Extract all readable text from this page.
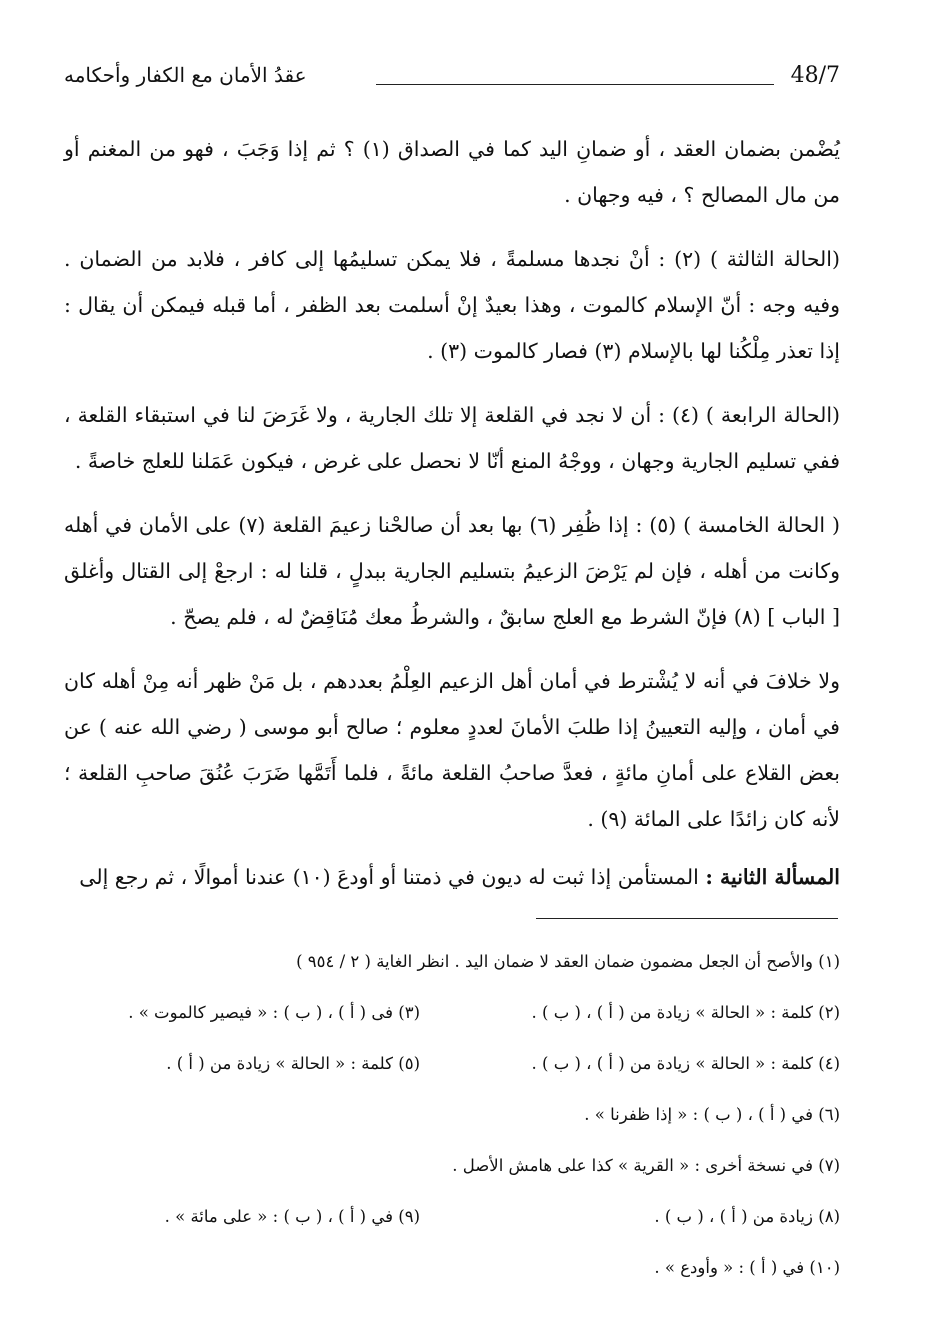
48/7
عقدُ الأمان مع الكفار وأحكامه

يُضْمن بضمان العقد ، أو ضمانِ اليد كما في الصداق (١) ؟ ثم إذا وَجَبَ ، فهو من المغنم أو من مال المصالح ؟ ، فيه وجهان .

(الحالة الثالثة ) (٢) : أنْ نجدها مسلمةً ، فلا يمكن تسليمُها إلى كافر ، فلابد من الضمان . وفيه وجه : أنّ الإسلام كالموت ، وهذا بعيدٌ إنْ أسلمت بعد الظفر ، أما قبله فيمكن أن يقال : إذا تعذر مِلْكُنا لها بالإسلام (٣) فصار كالموت (٣) .

(الحالة الرابعة ) (٤) : أن لا نجد في القلعة إلا تلك الجارية ، ولا غَرَضَ لنا في استبقاء القلعة ، ففي تسليم الجارية وجهان ، ووجْهُ المنع أنّا لا نحصل على غرض ، فيكون عَمَلنا للعلج خاصةً .

( الحالة الخامسة ) (٥) : إذا ظُفِر (٦) بها بعد أن صالحْنا زعيمَ القلعة (٧) على الأمان في أهله وكانت من أهله ، فإن لم يَرْضَ الزعيمُ بتسليم الجارية ببدلٍ ، قلنا له : ارجعْ إلى القتال وأغلق [ الباب ] (٨) فإنّ الشرط مع العلج سابقٌ ، والشرطُ معك مُنَاقِضٌ له ، فلم يصحّ .

ولا خلافَ في أنه لا يُشْترط في أمان أهل الزعيم العِلْمُ بعددهم ، بل مَنْ ظهر أنه مِنْ أهله كان في أمان ، وإليه التعيينُ إذا طلبَ الأمانَ لعددٍ معلوم ؛ صالح أبو موسى ( رضي الله عنه ) عن بعض القلاع على أمانِ مائةٍ ، فعدَّ صاحبُ القلعة مائةً ، فلما أَتَمَّها ضَرَبَ عُنُقَ صاحبِ القلعة ؛ لأنه كان زائدًا على المائة (٩) .

المسألة الثانية : المستأمن إذا ثبت له ديون في ذمتنا أو أودعَ (١٠) عندنا أموالًا ، ثم رجع إلى

(١) والأصح أن الجعل مضمون ضمان العقد لا ضمان اليد . انظر الغاية ( ٢ / ٩٥٤ )
(٢) كلمة : « الحالة » زيادة من ( أ ) ، ( ب ) .
(٣) فى ( أ ) ، ( ب ) : « فيصير كالموت » .
(٤) كلمة : « الحالة » زيادة من ( أ ) ، ( ب ) .
(٥) كلمة : « الحالة » زيادة من ( أ ) .
(٦) في ( أ ) ، ( ب ) : « إذا ظفرنا » .
(٧) في نسخة أخرى : « القرية » كذا على هامش الأصل .
(٨) زيادة من ( أ ) ، ( ب ) .
(٩) في ( أ ) ، ( ب ) : « على مائة » .
(١٠) في ( أ ) : « وأودع » .
